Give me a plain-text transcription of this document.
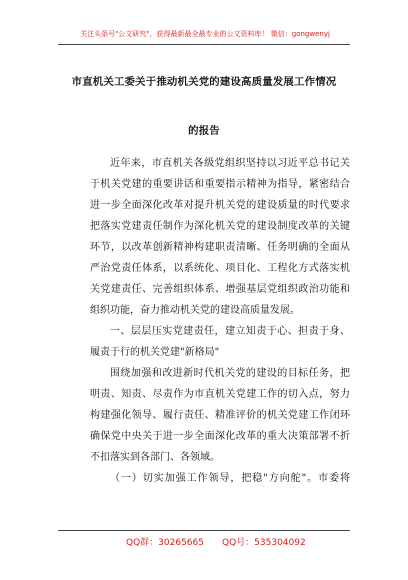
关注头条号"公文研究"，获得最新最全最专业的公文资料库！ 微信：gongwenyj
市直机关工委关于推动机关党的建设高质量发展工作情况
的报告
近年来，市直机关各级党组织坚持以习近平总书记关
于机关党建的重要讲话和重要指示精神为指导，紧密结合
进一步全面深化改革对提升机关党的建设质量的时代要求
把落实党建责任制作为深化机关党的建设制度改革的关键
环节，以改革创新精神构建职责清晰、任务明确的全面从
严治党责任体系，以系统化、项目化、工程化方式落实机
关党建责任、完善组织体系、增强基层党组织政治功能和
组织功能，奋力推动机关党的建设高质量发展。
一、层层压实党建责任，建立知责于心、担责于身、
履责于行的机关党建"新格局"
围绕加强和改进新时代机关党的建设的目标任务，把
明责、知责、尽责作为市直机关党建工作的切入点，努力
构建强化领导、履行责任、精准评价的机关党建工作闭环
确保党中央关于进一步全面深化改革的重大决策部署不折
不扣落实到各部门、各领域。
（一）切实加强工作领导，把稳"方向舵"。市委将
QQ群：30265665 QQ号：535304092
